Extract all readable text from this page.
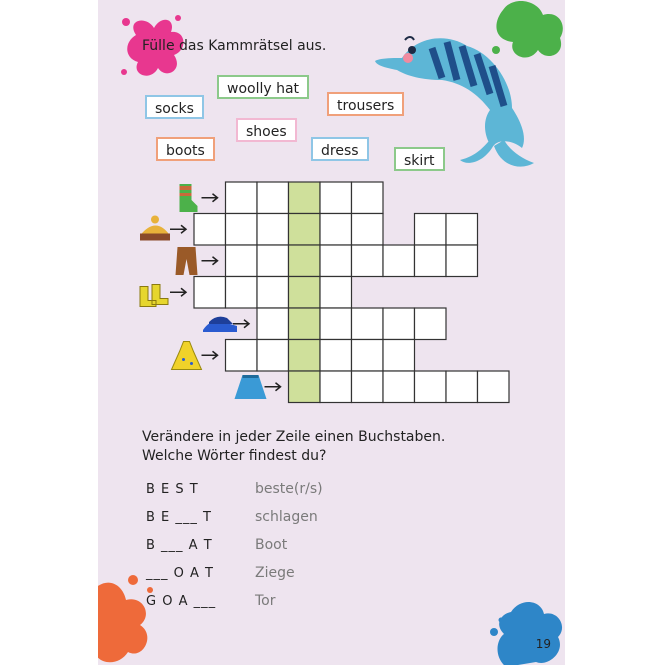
Fülle das Kammrätsel aus.
socks
woolly hat
trousers
shoes
boots	dress
skirt
Verändere in jeder Zeile einen Buchstaben.
Welche Wörter findest du?
B E S T	beste(r/s)
B E ___ T	schlagen
B ___ A T	Boot
___ O A T	Ziege
G O A ___	Tor
19
